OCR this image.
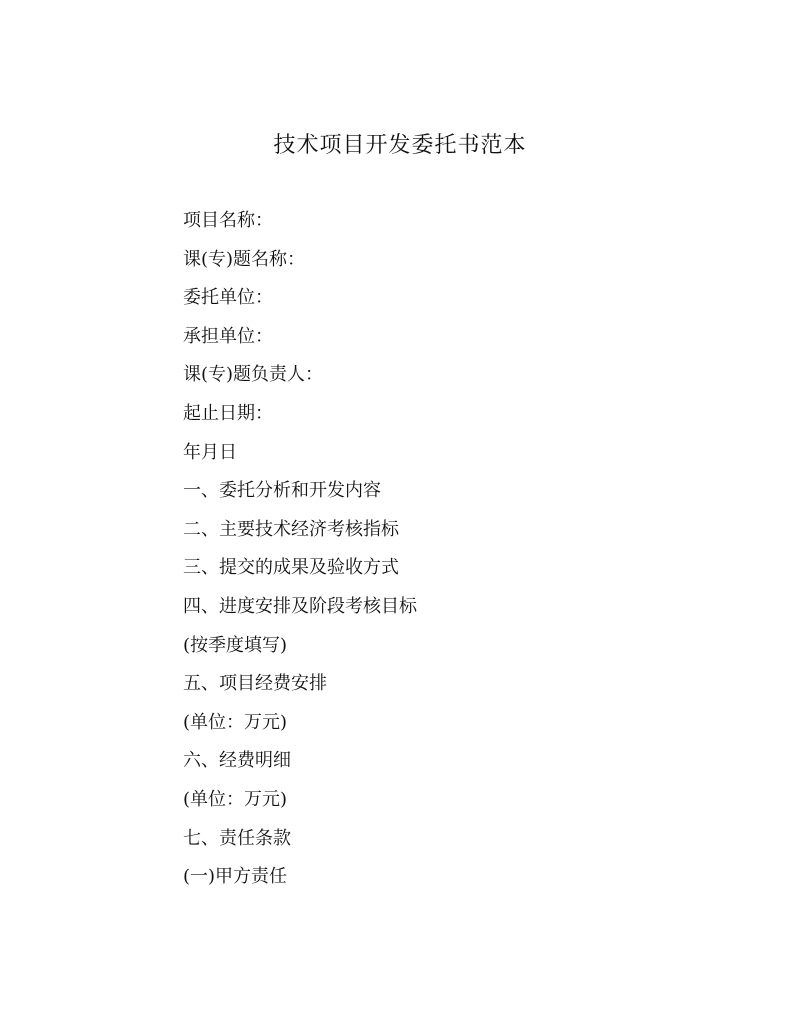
技术项目开发委托书范本
项目名称：
课(专)题名称：
委托单位：
承担单位：
课(专)题负责人：
起止日期：
年月日
一、委托分析和开发内容
二、主要技术经济考核指标
三、提交的成果及验收方式
四、进度安排及阶段考核目标
(按季度填写)
五、项目经费安排
(单位：万元)
六、经费明细
(单位：万元)
七、责任条款
(一)甲方责任
